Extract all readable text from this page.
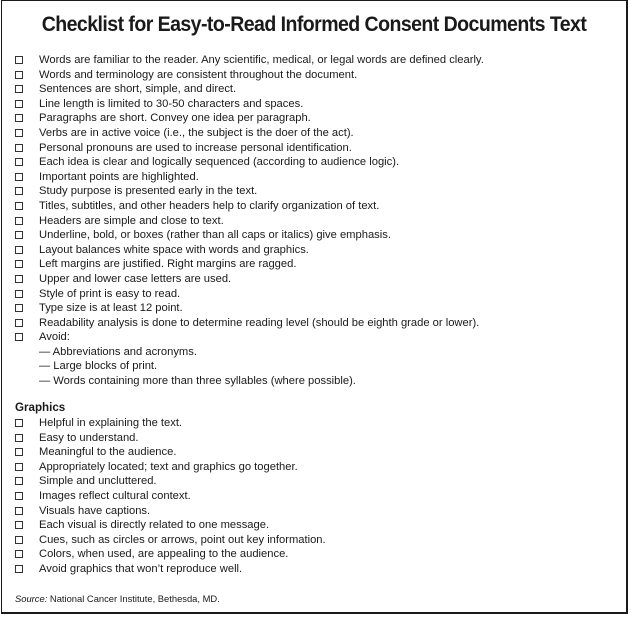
Checklist for Easy-to-Read Informed Consent Documents Text
Words are familiar to the reader. Any scientific, medical, or legal words are defined clearly.
Words and terminology are consistent throughout the document.
Sentences are short, simple, and direct.
Line length is limited to 30-50 characters and spaces.
Paragraphs are short. Convey one idea per paragraph.
Verbs are in active voice (i.e., the subject is the doer of the act).
Personal pronouns are used to increase personal identification.
Each idea is clear and logically sequenced (according to audience logic).
Important points are highlighted.
Study purpose is presented early in the text.
Titles, subtitles, and other headers help to clarify organization of text.
Headers are simple and close to text.
Underline, bold, or boxes (rather than all caps or italics) give emphasis.
Layout balances white space with words and graphics.
Left margins are justified. Right margins are ragged.
Upper and lower case letters are used.
Style of print is easy to read.
Type size is at least 12 point.
Readability analysis is done to determine reading level (should be eighth grade or lower).
Avoid:
— Abbreviations and acronyms.
— Large blocks of print.
— Words containing more than three syllables (where possible).
Graphics
Helpful in explaining the text.
Easy to understand.
Meaningful to the audience.
Appropriately located; text and graphics go together.
Simple and uncluttered.
Images reflect cultural context.
Visuals have captions.
Each visual is directly related to one message.
Cues, such as circles or arrows, point out key information.
Colors, when used, are appealing to the audience.
Avoid graphics that won’t reproduce well.
Source: National Cancer Institute, Bethesda, MD.
